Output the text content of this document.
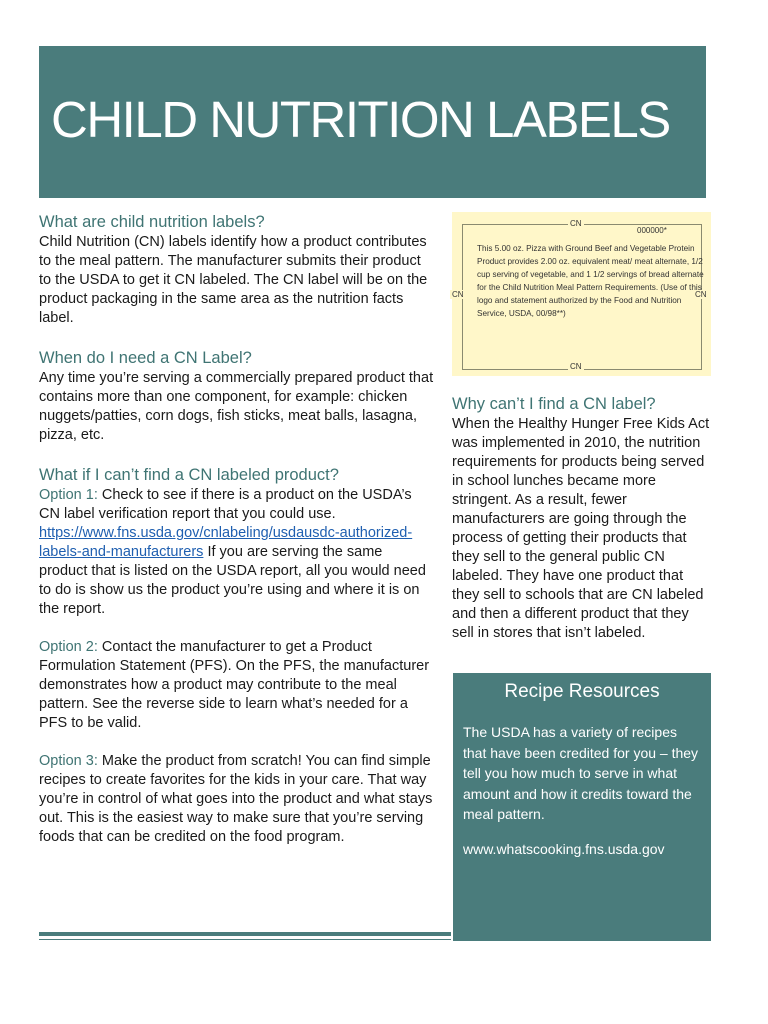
CHILD NUTRITION LABELS
What are child nutrition labels?

Child Nutrition (CN) labels identify how a product contributes to the meal pattern. The manufacturer submits their product to the USDA to get it CN labeled. The CN label will be on the product packaging in the same area as the nutrition facts label.

When do I need a CN Label?

Any time you’re serving a commercially prepared product that contains more than one component, for example: chicken nuggets/patties, corn dogs, fish sticks, meat balls, lasagna, pizza, etc.

What if I can’t find a CN labeled product?

Option 1: Check to see if there is a product on the USDA’s CN label verification report that you could use. https://www.fns.usda.gov/cnlabeling/usdausdc-authorized-labels-and-manufacturers If you are serving the same product that is listed on the USDA report, all you would need to do is show us the product you’re using and where it is on the report.

Option 2: Contact the manufacturer to get a Product Formulation Statement (PFS). On the PFS, the manufacturer demonstrates how a product may contribute to the meal pattern. See the reverse side to learn what’s needed for a PFS to be valid.

Option 3: Make the product from scratch! You can find simple recipes to create favorites for the kids in your care. That way you’re in control of what goes into the product and what stays out. This is the easiest way to make sure that you’re serving foods that can be credited on the food program.

CN
CN
CN	CN
000000*
This 5.00 oz. Pizza with Ground Beef and Vegetable Protein Product provides 2.00 oz. equivalent meat/ meat alternate, 1/2 cup serving of vegetable, and 1 1/2 servings of bread alternate for the Child Nutrition Meal Pattern Requirements. (Use of this logo and statement authorized by the Food and Nutrition Service, USDA, 00/98**)
Why can’t I find a CN label?

When the Healthy Hunger Free Kids Act was implemented in 2010, the nutrition requirements for products being served in school lunches became more stringent. As a result, fewer manufacturers are going through the process of getting their products that they sell to the general public CN labeled. They have one product that they sell to schools that are CN labeled and then a different product that they sell in stores that isn’t labeled.

Recipe Resources
The USDA has a variety of recipes that have been credited for you – they tell you how much to serve in what amount and how it credits toward the meal pattern.
www.whatscooking.fns.usda.gov
